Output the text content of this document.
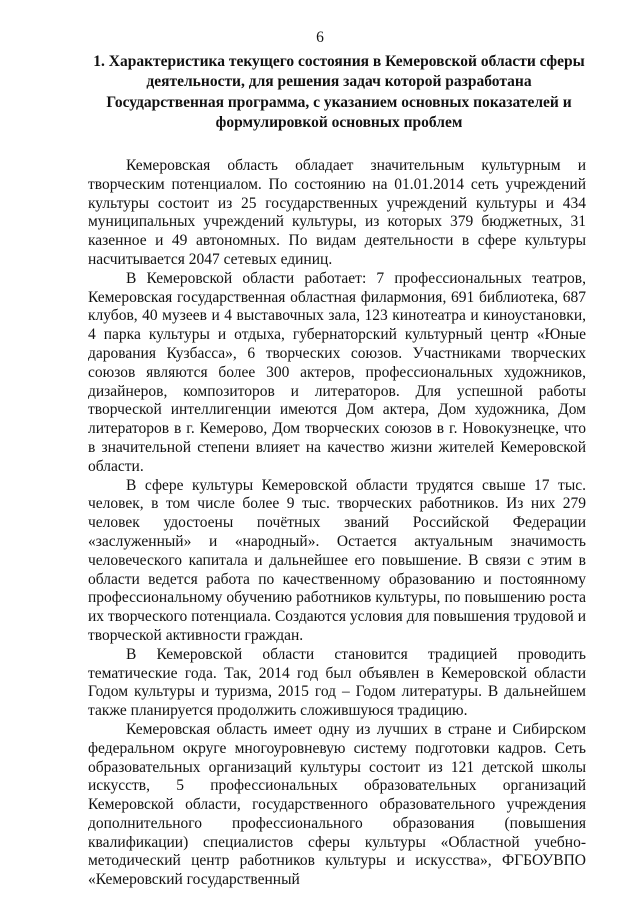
6
1. Характеристика текущего состояния в Кемеровской области сферы деятельности, для решения задач которой разработана Государственная программа, с указанием основных показателей и формулировкой основных проблем

Кемеровская область обладает значительным культурным и творческим потенциалом. По состоянию на 01.01.2014 сеть учреждений культуры состоит из 25 государственных учреждений культуры и 434 муниципальных учреждений культуры, из которых 379 бюджетных, 31 казенное и 49 автономных. По видам деятельности в сфере культуры насчитывается 2047 сетевых единиц.

В Кемеровской области работает: 7 профессиональных театров, Кемеровская государственная областная филармония, 691 библиотека, 687 клубов, 40 музеев и 4 выставочных зала, 123 кинотеатра и киноустановки, 4 парка культуры и отдыха, губернаторский культурный центр «Юные дарования Кузбасса», 6 творческих союзов. Участниками творческих союзов являются более 300 актеров, профессиональных художников, дизайнеров, композиторов и литераторов. Для успешной работы творческой интеллигенции имеются Дом актера, Дом художника, Дом литераторов в г. Кемерово, Дом творческих союзов в г. Новокузнецке, что в значительной степени влияет на качество жизни жителей Кемеровской области.

В сфере культуры Кемеровской области трудятся свыше 17 тыс. человек, в том числе более 9 тыс. творческих работников. Из них 279 человек удостоены почётных званий Российской Федерации «заслуженный» и «народный». Остается актуальным значимость человеческого капитала и дальнейшее его повышение. В связи с этим в области ведется работа по качественному образованию и постоянному профессиональному обучению работников культуры, по повышению роста их творческого потенциала. Создаются условия для повышения трудовой и творческой активности граждан.

В Кемеровской области становится традицией проводить тематические года. Так, 2014 год был объявлен в Кемеровской области Годом культуры и туризма, 2015 год – Годом литературы. В дальнейшем также планируется продолжить сложившуюся традицию.

Кемеровская область имеет одну из лучших в стране и Сибирском федеральном округе многоуровневую систему подготовки кадров. Сеть образовательных организаций культуры состоит из 121 детской школы искусств, 5 профессиональных образовательных организаций Кемеровской области, государственного образовательного учреждения дополнительного профессионального образования (повышения квалификации) специалистов сферы культуры «Областной учебно-методический центр работников культуры и искусства», ФГБОУВПО «Кемеровский государственный
